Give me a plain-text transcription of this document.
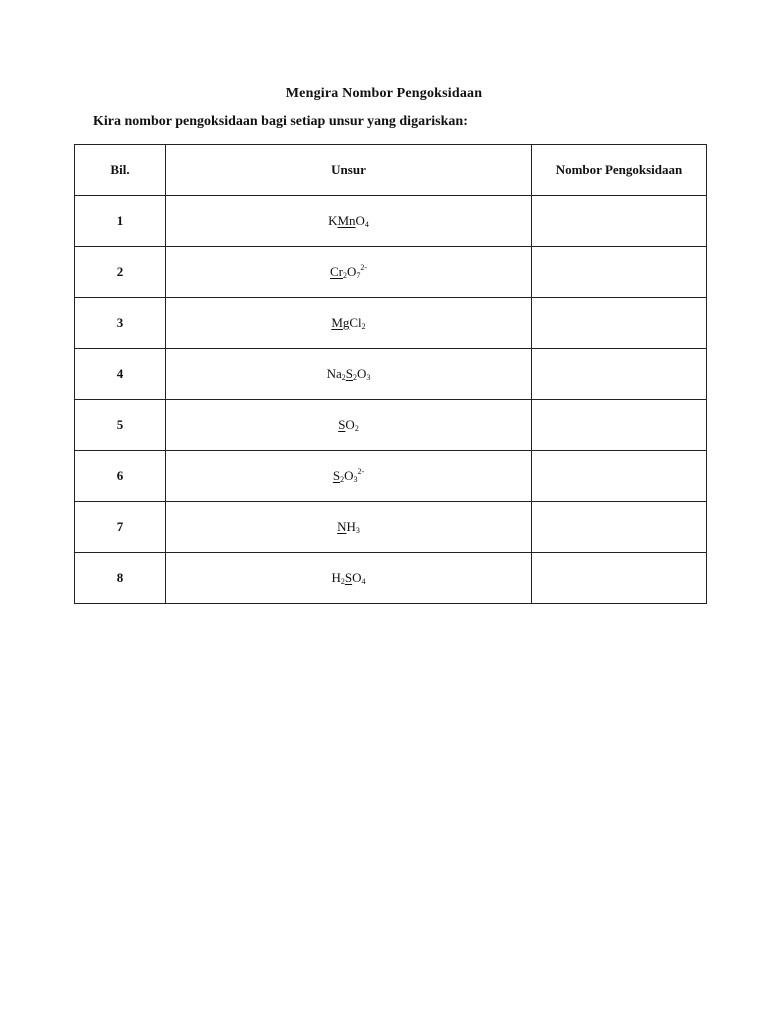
Mengira Nombor Pengoksidaan
Kira nombor pengoksidaan bagi setiap unsur yang digariskan:
Bil.	Unsur	Nombor Pengoksidaan
1	KMnO$_4$	
2	$Cr_2O_7^{2-}$	
3	MgCl$_2$	
4	$Na_2S_2O_3$	
5	$SO_2$	
6	$S_2O_3^{2-}$	
7	$NH_3$	
8	$H_2SO_4$	
